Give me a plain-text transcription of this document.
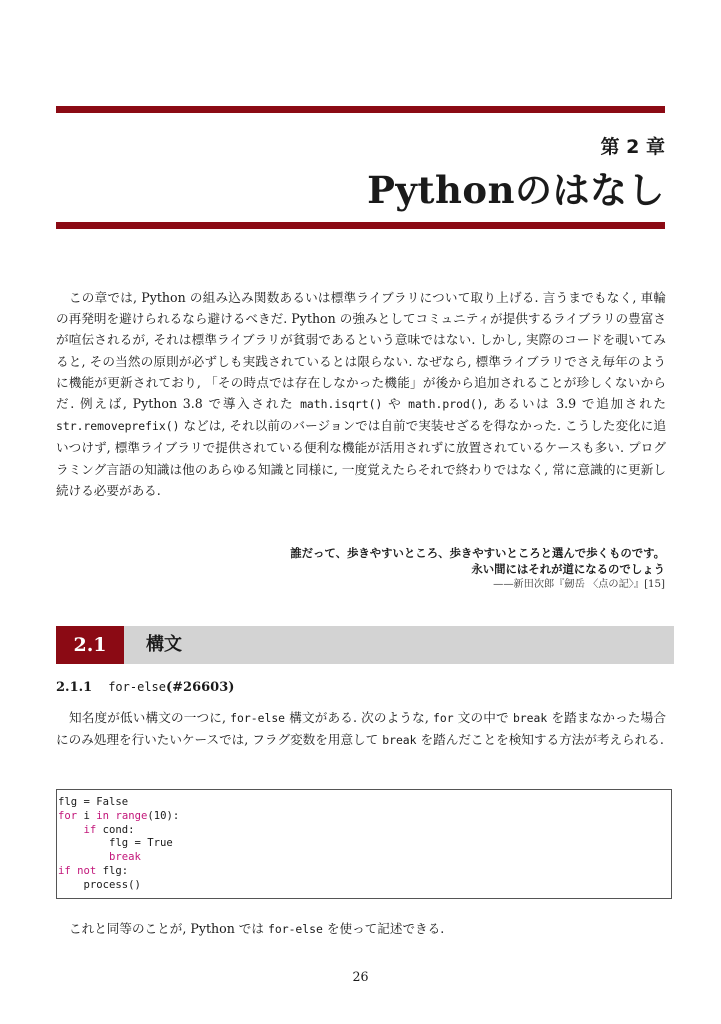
第 2 章
Pythonのはなし

この章では, Python の組み込み関数あるいは標準ライブラリについて取り上げる. 言うまでもなく, 車輪の再発明を避けられるなら避けるべきだ. Python の強みとしてコミュニティが提供するライブラリの豊富さが喧伝されるが, それは標準ライブラリが貧弱であるという意味ではない. しかし, 実際のコードを覗いてみると, その当然の原則が必ずしも実践されているとは限らない. なぜなら, 標準ライブラリでさえ毎年のように機能が更新されており, 「その時点では存在しなかった機能」が後から追加されることが珍しくないからだ. 例えば, Python 3.8 で導入された math.isqrt() や math.prod(), あるいは 3.9 で追加された str.removeprefix() などは, それ以前のバージョンでは自前で実装せざるを得なかった. こうした変化に追いつけず, 標準ライブラリで提供されている便利な機能が活用されずに放置されているケースも多い. プログラミング言語の知識は他のあらゆる知識と同様に, 一度覚えたらそれで終わりではなく, 常に意識的に更新し続ける必要がある.

誰だって、歩きやすいところ、歩きやすいところと選んで歩くものです。
永い間にはそれが道になるのでしょう
——新田次郎『劒岳 〈点の記〉』[15]
2.1	構文
2.1.1 for-else(#26603)

知名度が低い構文の一つに, for-else 構文がある. 次のような, for 文の中で break を踏まなかった場合にのみ処理を行いたいケースでは, フラグ変数を用意して break を踏んだことを検知する方法が考えられる.

flg = False
for i in range(10):
if cond:
flg = True
break
if not flg:
process()

これと同等のことが, Python では for-else を使って記述できる.

26
